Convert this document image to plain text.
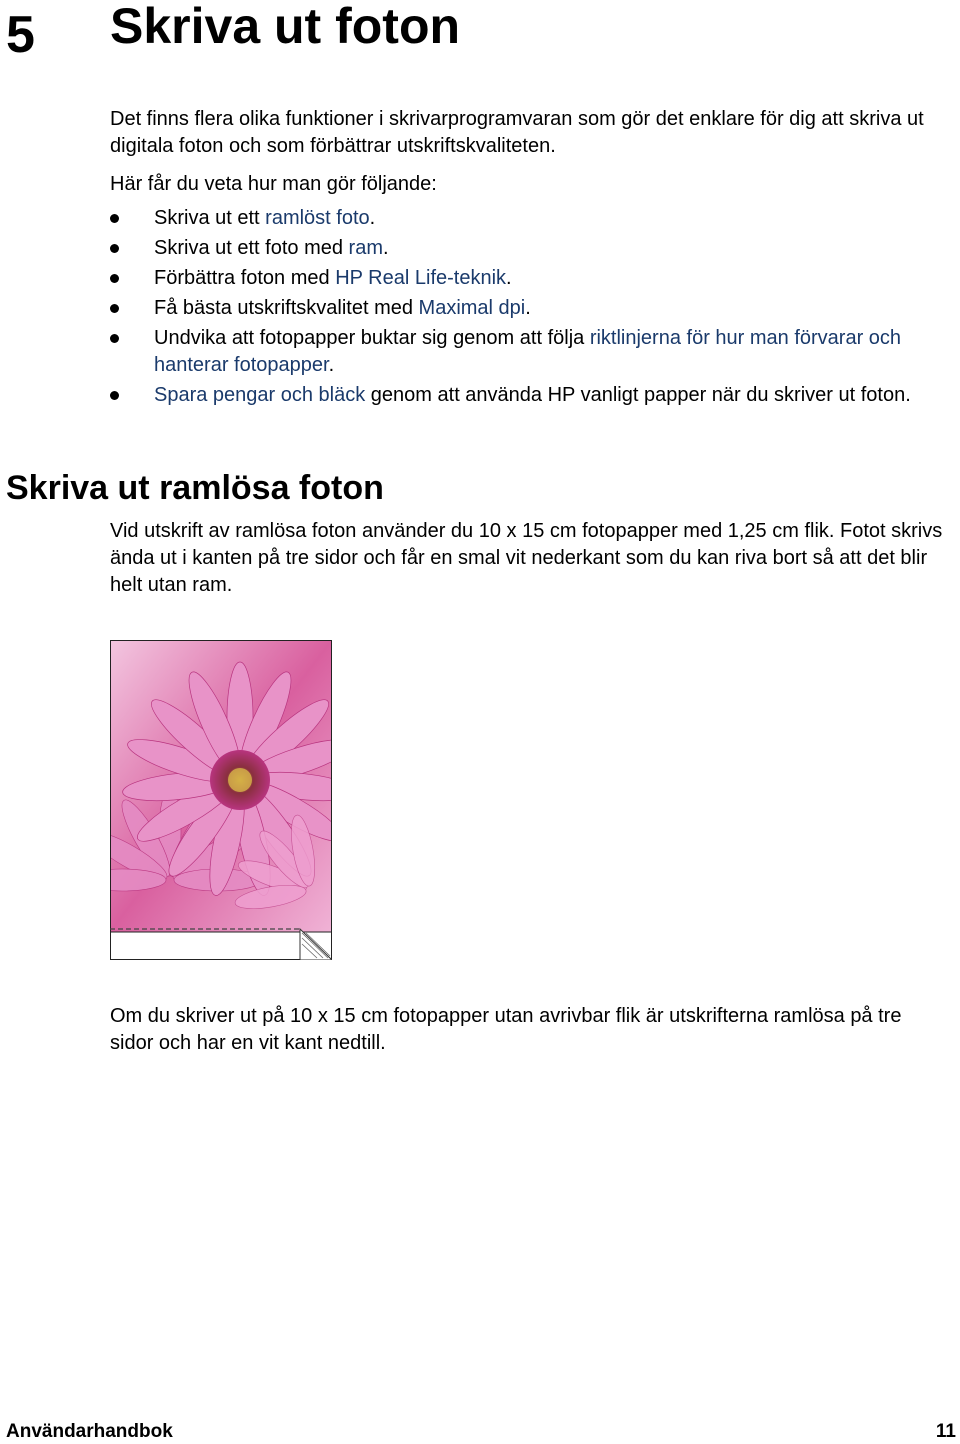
5 Skriva ut foton

Det finns flera olika funktioner i skrivarprogramvaran som gör det enklare för dig att skriva ut digitala foton och som förbättrar utskriftskvaliteten.

Här får du veta hur man gör följande:

Skriva ut ett ramlöst foto.
Skriva ut ett foto med ram.
Förbättra foton med HP Real Life-teknik.
Få bästa utskriftskvalitet med Maximal dpi.
Undvika att fotopapper buktar sig genom att följa riktlinjerna för hur man förvarar och hanterar fotopapper.
Spara pengar och bläck genom att använda HP vanligt papper när du skriver ut foton.
Skriva ut ramlösa foton

Vid utskrift av ramlösa foton använder du 10 x 15 cm fotopapper med 1,25 cm flik. Fotot skrivs ända ut i kanten på tre sidor och får en smal vit nederkant som du kan riva bort så att det blir helt utan ram.

Om du skriver ut på 10 x 15 cm fotopapper utan avrivbar flik är utskrifterna ramlösa på tre sidor och har en vit kant nedtill.

Användarhandbok	11
